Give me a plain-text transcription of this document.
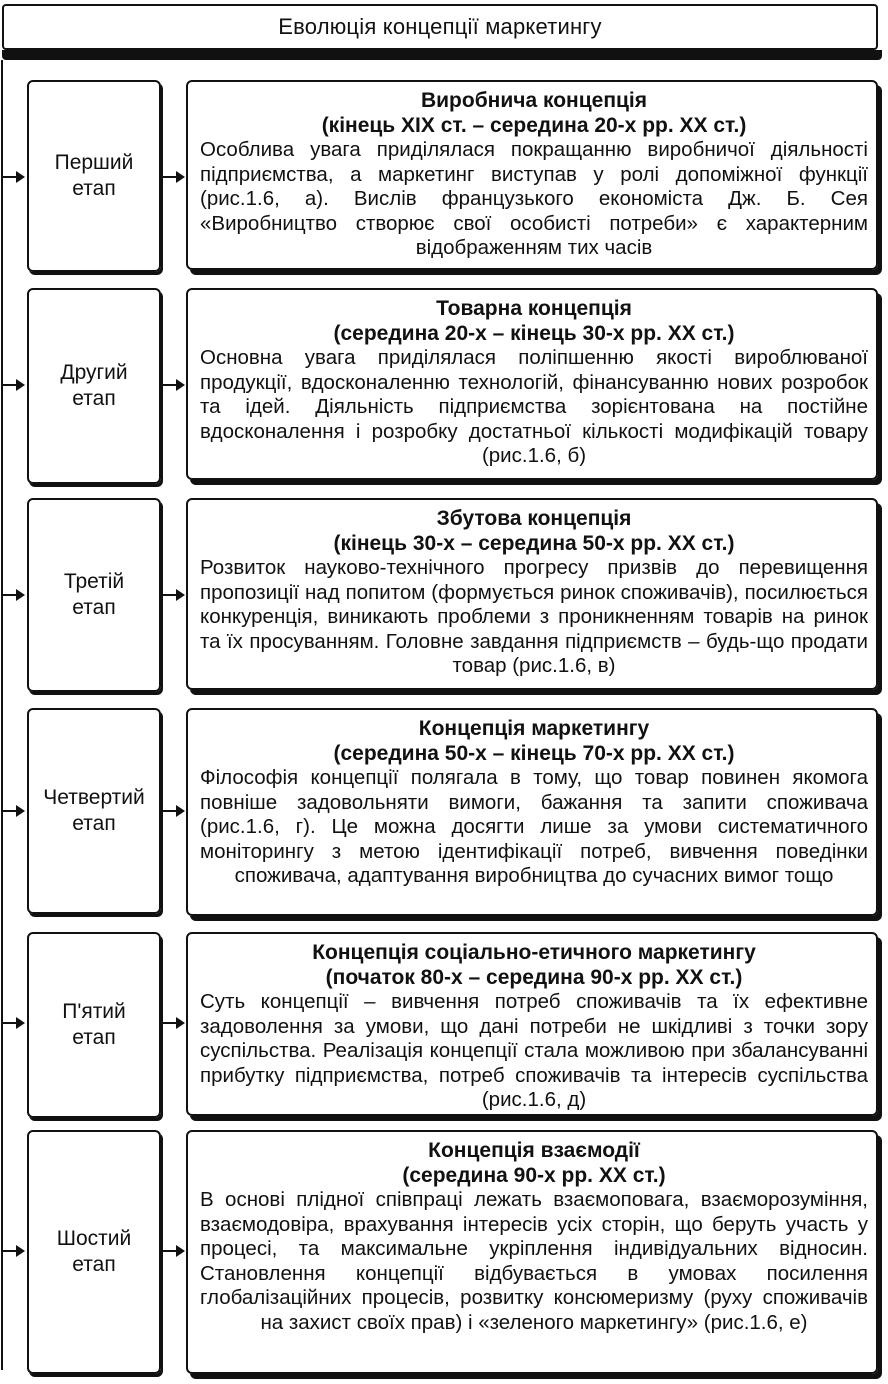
Еволюція концепції маркетингу
Перший
етап
Виробнича концепція
(кінець XIX ст. – середина 20-х рр. XX ст.)
Особлива увага приділялася покращанню виробничої діяльності підприємства, а маркетинг виступав у ролі допоміжної функції (рис.1.6, а). Вислів французького економіста Дж. Б. Сея «Виробництво створює свої особисті потреби» є характерним відображенням тих часів
Другий
етап
Товарна концепція
(середина 20-х – кінець 30-х рр. XX ст.)
Основна увага приділялася поліпшенню якості вироблюваної продукції, вдосконаленню технологій, фінансуванню нових розробок та ідей. Діяльність підприємства зорієнтована на постійне вдосконалення і розробку достатньої кількості модифікацій товару (рис.1.6, б)
Третій
етап
Збутова концепція
(кінець 30-х – середина 50-х рр. XX ст.)
Розвиток науково-технічного прогресу призвів до перевищення пропозиції над попитом (формується ринок споживачів), посилюється конкуренція, виникають проблеми з проникненням товарів на ринок та їх просуванням. Головне завдання підприємств – будь-що продати товар (рис.1.6, в)
Четвертий
етап
Концепція маркетингу
(середина 50-х – кінець 70-х рр. XX ст.)
Філософія концепції полягала в тому, що товар повинен якомога повніше задовольняти вимоги, бажання та запити споживача (рис.1.6, г). Це можна досягти лише за умови систематичного моніторингу з метою ідентифікації потреб, вивчення поведінки споживача, адаптування виробництва до сучасних вимог тощо
П'ятий
етап
Концепція соціально-етичного маркетингу
(початок 80-х – середина 90-х рр. XX ст.)
Суть концепції – вивчення потреб споживачів та їх ефективне задоволення за умови, що дані потреби не шкідливі з точки зору суспільства. Реалізація концепції стала можливою при збалансуванні прибутку підприємства, потреб споживачів та інтересів суспільства (рис.1.6, д)
Шостий
етап
Концепція взаємодії
(середина 90-х рр. XX ст.)
В основі плідної співпраці лежать взаємоповага, взаєморозуміння, взаємодовіра, врахування інтересів усіх сторін, що беруть участь у процесі, та максимальне укріплення індивідуальних відносин. Становлення концепції відбувається в умовах посилення глобалізаційних процесів, розвитку консюмеризму (руху споживачів на захист своїх прав) і «зеленого маркетингу» (рис.1.6, е)
